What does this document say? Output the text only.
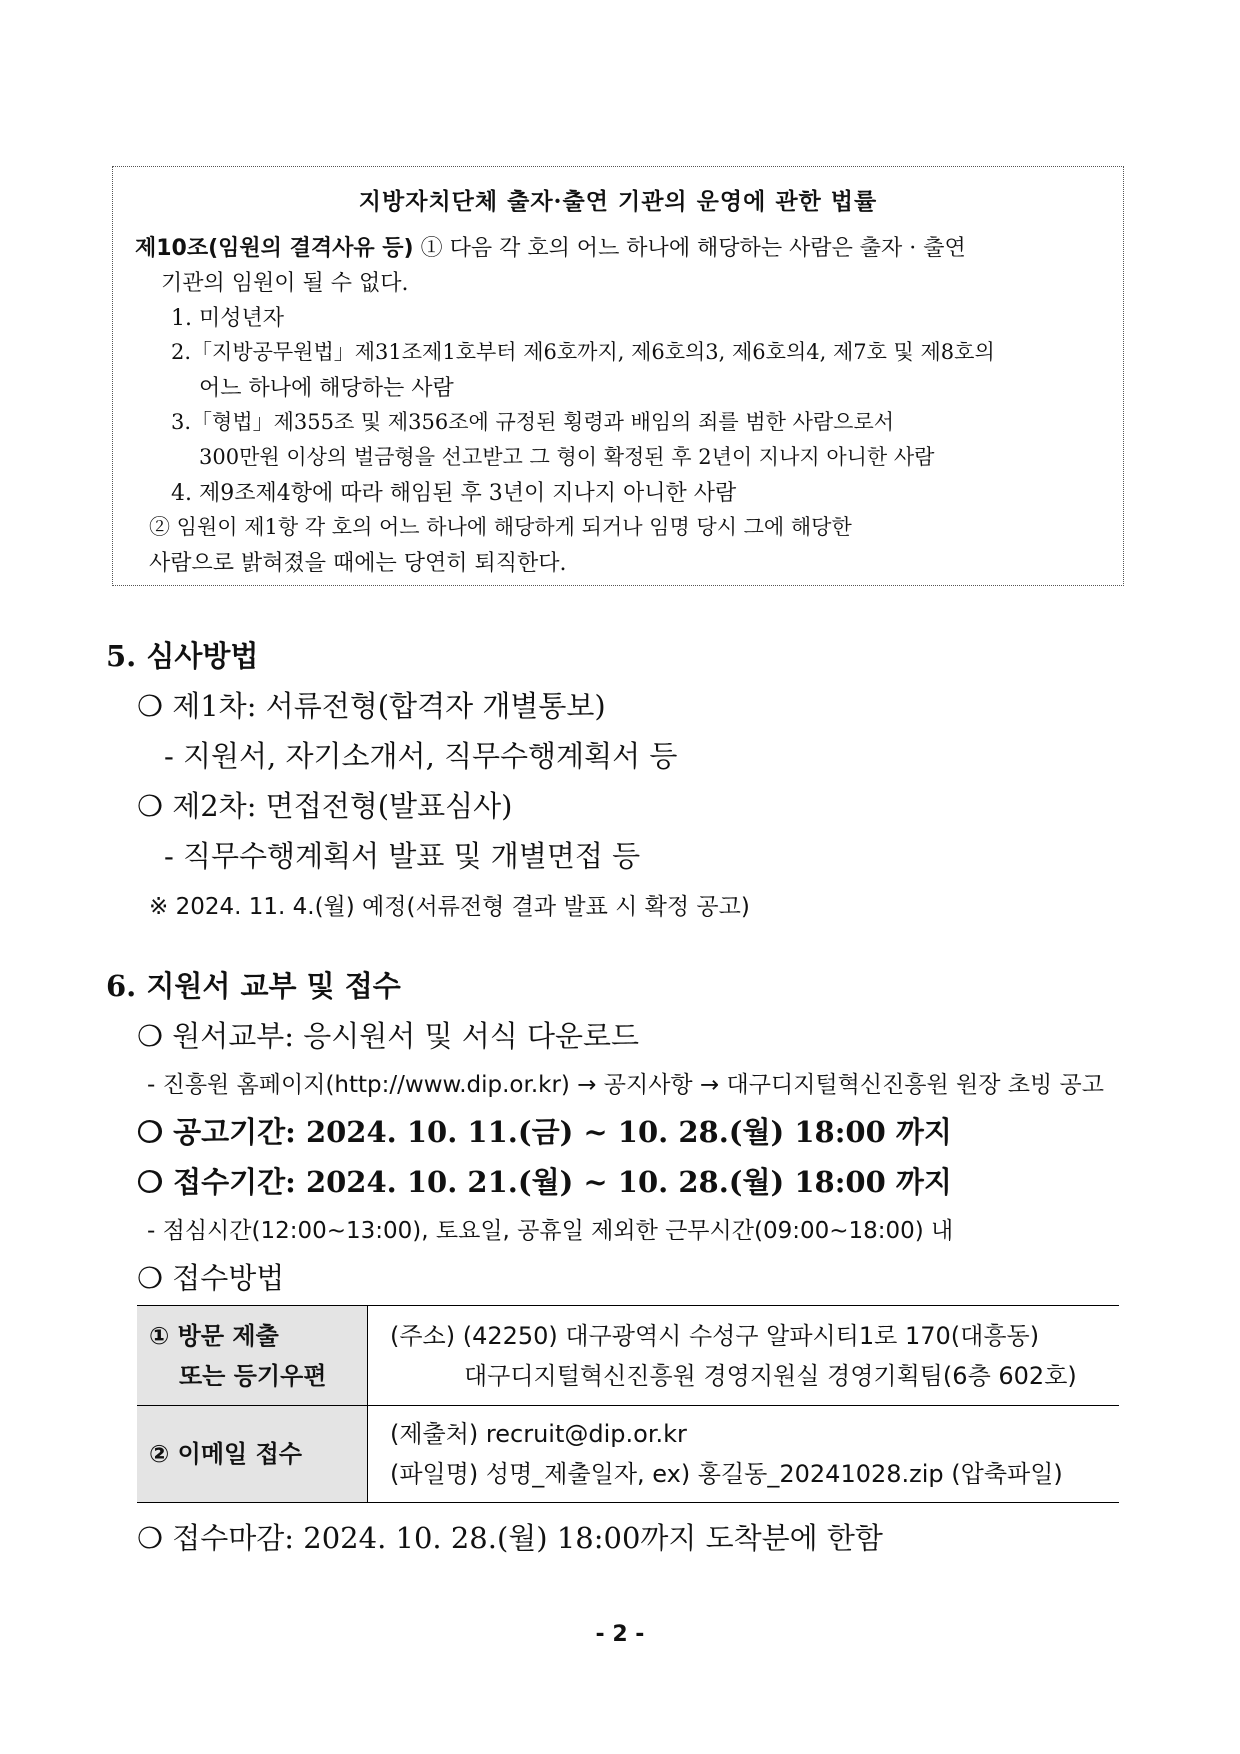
지방자치단체 출자·출연 기관의 운영에 관한 법률
제10조(임원의 결격사유 등) ① 다음 각 호의 어느 하나에 해당하는 사람은 출자 · 출연
기관의 임원이 될 수 없다.
1. 미성년자
2.「지방공무원법」제31조제1호부터 제6호까지, 제6호의3, 제6호의4, 제7호 및 제8호의
어느 하나에 해당하는 사람
3.「형법」제355조 및 제356조에 규정된 횡령과 배임의 죄를 범한 사람으로서
300만원 이상의 벌금형을 선고받고 그 형이 확정된 후 2년이 지나지 아니한 사람
4. 제9조제4항에 따라 해임된 후 3년이 지나지 아니한 사람
② 임원이 제1항 각 호의 어느 하나에 해당하게 되거나 임명 당시 그에 해당한
사람으로 밝혀졌을 때에는 당연히 퇴직한다.
5. 심사방법
❍ 제1차: 서류전형(합격자 개별통보)
- 지원서, 자기소개서, 직무수행계획서 등
❍ 제2차: 면접전형(발표심사)
- 직무수행계획서 발표 및 개별면접 등
※ 2024. 11. 4.(월) 예정(서류전형 결과 발표 시 확정 공고)
6. 지원서 교부 및 접수
❍ 원서교부: 응시원서 및 서식 다운로드
- 진흥원 홈페이지(http://www.dip.or.kr) → 공지사항 → 대구디지털혁신진흥원 원장 초빙 공고
❍ 공고기간: 2024. 10. 11.(금) ~ 10. 28.(월) 18:00 까지
❍ 접수기간: 2024. 10. 21.(월) ~ 10. 28.(월) 18:00 까지
- 점심시간(12:00~13:00), 토요일, 공휴일 제외한 근무시간(09:00~18:00) 내
❍ 접수방법
① 방문 제출
또는 등기우편	(주소) (42250) 대구광역시 수성구 알파시티1로 170(대흥동)
대구디지털혁신진흥원 경영지원실 경영기획팀(6층 602호)

② 이메일 접수	(제출처) recruit@dip.or.kr
(파일명) 성명_제출일자, ex) 홍길동_20241028.zip (압축파일)
❍ 접수마감: 2024. 10. 28.(월) 18:00까지 도착분에 한함
- 2 -
